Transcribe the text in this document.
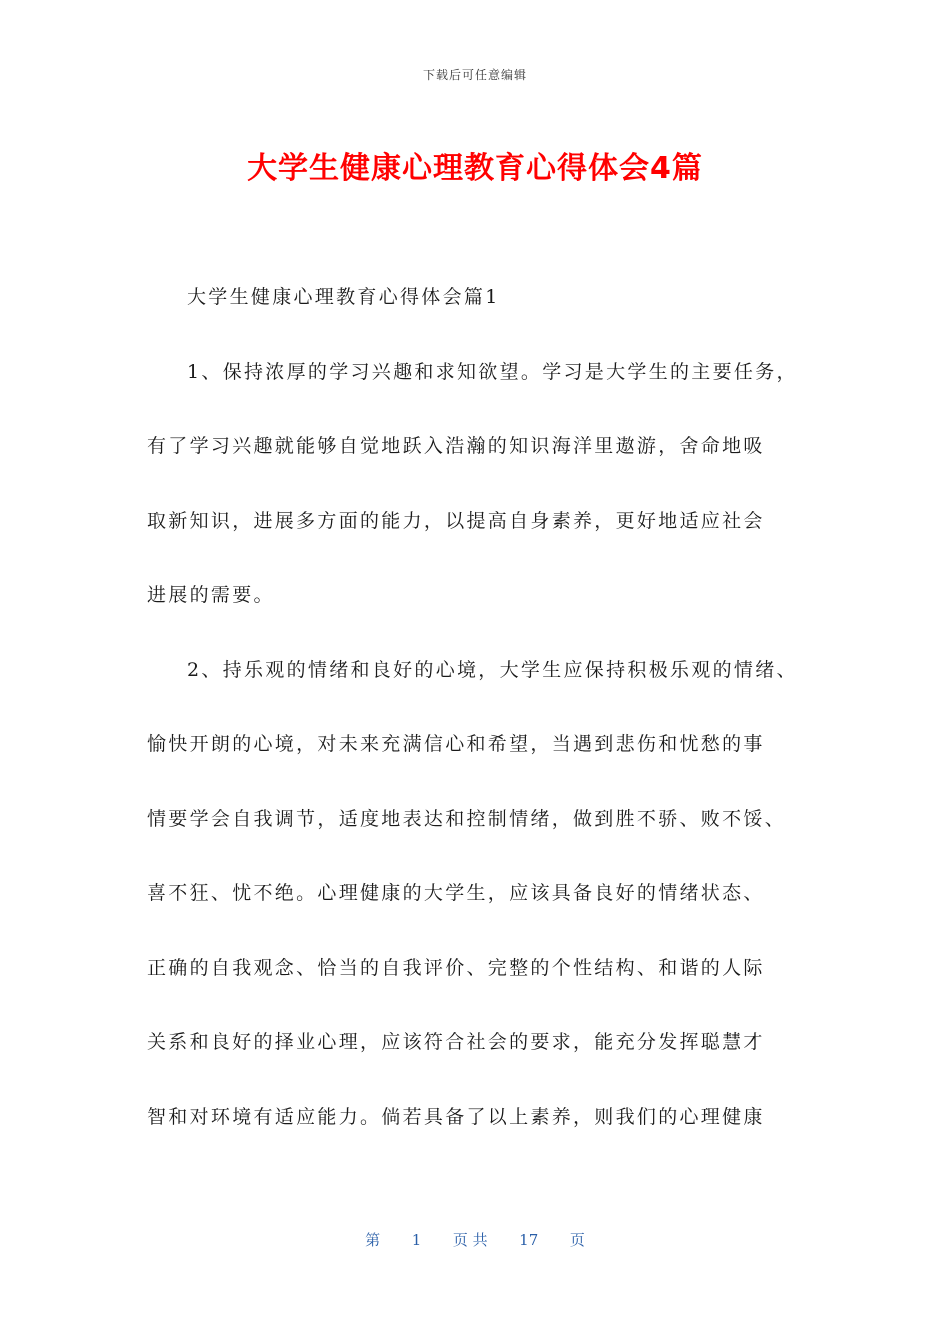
下载后可任意编辑
大学生健康心理教育心得体会4篇
大学生健康心理教育心得体会篇1
1、保持浓厚的学习兴趣和求知欲望。学习是大学生的主要任务，
有了学习兴趣就能够自觉地跃入浩瀚的知识海洋里遨游，舍命地吸
取新知识，进展多方面的能力，以提高自身素养，更好地适应社会
进展的需要。
2、持乐观的情绪和良好的心境，大学生应保持积极乐观的情绪、
愉快开朗的心境，对未来充满信心和希望，当遇到悲伤和忧愁的事
情要学会自我调节，适度地表达和控制情绪，做到胜不骄、败不馁、
喜不狂、忧不绝。心理健康的大学生，应该具备良好的情绪状态、
正确的自我观念、恰当的自我评价、完整的个性结构、和谐的人际
关系和良好的择业心理，应该符合社会的要求，能充分发挥聪慧才
智和对环境有适应能力。倘若具备了以上素养，则我们的心理健康
第 1 页 共 17 页
